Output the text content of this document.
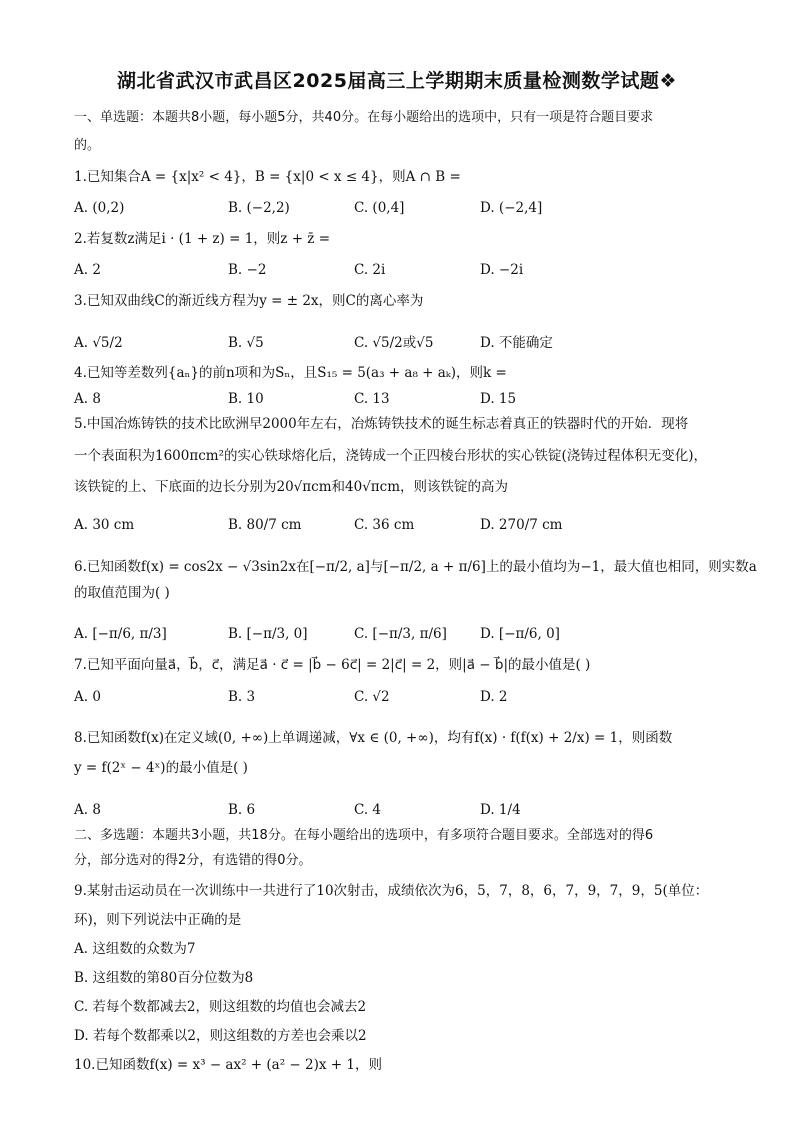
湖北省武汉市武昌区2025届高三上学期期末质量检测数学试题❖
一、单选题：本题共8小题，每小题5分，共40分。在每小题给出的选项中，只有一项是符合题目要求
的。
1.已知集合A = {x|x² < 4}，B = {x|0 < x ≤ 4}，则A ∩ B =
A. (0,2)	B. (−2,2)	C. (0,4]	D. (−2,4]
2.若复数z满足i · (1 + z) = 1，则z + z̄ =
A. 2	B. −2	C. 2i	D. −2i
3.已知双曲线C的渐近线方程为y = ± 2x，则C的离心率为
A. √5/2	B. √5	C. √5/2或√5	D. 不能确定
4.已知等差数列{aₙ}的前n项和为Sₙ，且S₁₅ = 5(a₃ + a₈ + aₖ)，则k =
A. 8	B. 10	C. 13	D. 15
5.中国冶炼铸铁的技术比欧洲早2000年左右，冶炼铸铁技术的诞生标志着真正的铁器时代的开始．现将
一个表面积为1600πcm²的实心铁球熔化后，浇铸成一个正四棱台形状的实心铁锭(浇铸过程体积无变化)，
该铁锭的上、下底面的边长分别为20√πcm和40√πcm，则该铁锭的高为
A. 30 cm	B. 80/7 cm	C. 36 cm	D. 270/7 cm
6.已知函数f(x) = cos2x − √3sin2x在[−π/2, a]与[−π/2, a + π/6]上的最小值均为−1，最大值也相同，则实数a
的取值范围为( )
A. [−π/6, π/3]	B. [−π/3, 0]	C. [−π/3, π/6] D. [−π/6, 0]
7.已知平面向量a⃗，b⃗，c⃗，满足a⃗ · c⃗ = |b⃗ − 6c⃗| = 2|c⃗| = 2，则|a⃗ − b⃗|的最小值是( )
A. 0	B. 3	C. √2	D. 2
8.已知函数f(x)在定义域(0, +∞)上单调递减，∀x ∈ (0, +∞)，均有f(x) · f(f(x) + 2/x) = 1，则函数
y = f(2ˣ − 4ˣ)的最小值是( )
A. 8	B. 6	C. 4	D. 1/4
二、多选题：本题共3小题，共18分。在每小题给出的选项中，有多项符合题目要求。全部选对的得6
分，部分选对的得2分，有选错的得0分。
9.某射击运动员在一次训练中一共进行了10次射击，成绩依次为6，5，7，8，6，7，9，7，9，5(单位：
环)，则下列说法中正确的是
A. 这组数的众数为7
B. 这组数的第80百分位数为8
C. 若每个数都减去2，则这组数的均值也会减去2
D. 若每个数都乘以2，则这组数的方差也会乘以2
10.已知函数f(x) = x³ − ax² + (a² − 2)x + 1，则
